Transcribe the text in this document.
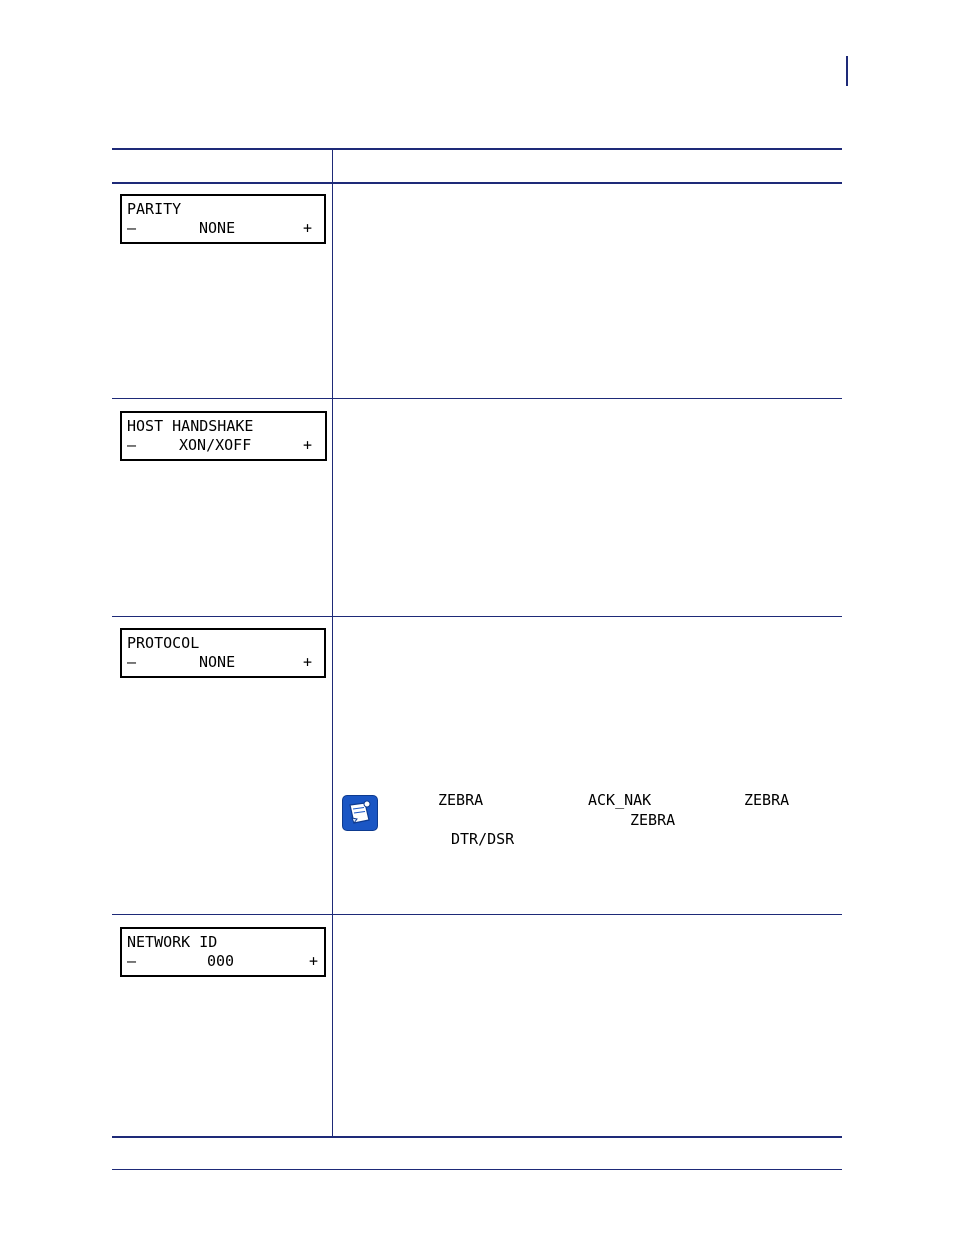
PARITY

–

	NONE

	+

HOST HANDSHAKE

–

	XON/XOFF

	+

PROTOCOL

–

	NONE

	+

NETWORK ID

–

	000

	+

ZEBRA	ACK_NAK	ZEBRA
ZEBRA
DTR/DSR
